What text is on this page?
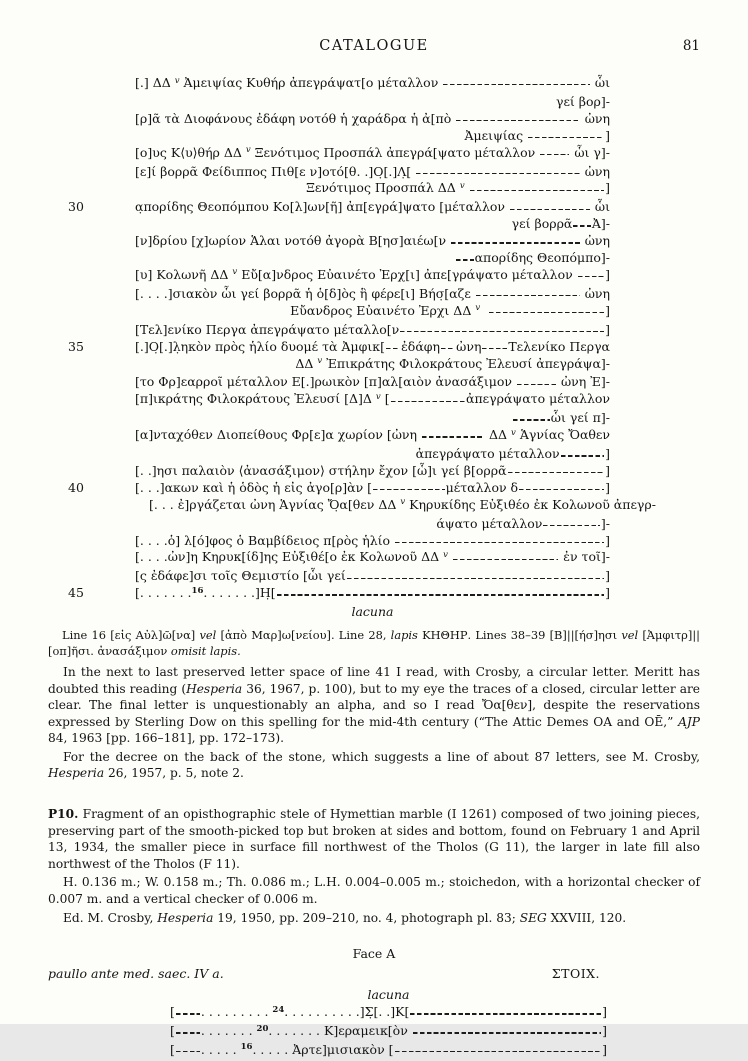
CATALOGUE	81
[.] ΔΔ v Ἀμειψίας Κυθήρ ἀπεγράψατ[ο μέταλλον	ὧι
γεί βορ]-
[ρ]ᾶ τὰ Διοφάνους ἐδάφη νοτόθ ἡ χαράδρα ἡ ἀ[πὸ	ὠνη
Ἀμειψίας	]
[ο]υς Κ⟨υ⟩θήρ ΔΔ v Ξενότιμος Προσπάλ ἀπεγρά[ψατο μέταλλον ὧι γ]-
[ε]ί βορρᾶ Φείδιππος Πιθ[ε ν]οτό[θ. .]Ο̣[.]Λ̣[	ὠνη
Ξενότιμος Προσπάλ ΔΔ v
	]
30	α̣πορίδης Θεοπόμπου Κο[λ]ων[ῆ] ἀπ[εγρά]ψατο [μέταλλον	ὧι
γεί βορρᾶ Ἀ]-
[ν]δρίου [χ]ωρίον Ἁλαι νοτόθ ἀγορὰ Β[ησ]αιέω[ν	ὠνη
απορίδης Θεοπόμπο]-
[υ] Κολωνῆ ΔΔ v Εὔ[α]νδρος Εὐαινέτο Ἐρχ[ι] ἀπε[γράψατο μέταλλον ]
[. . . .]σιακὸν ὧι γεί βορρᾶ ἡ ὁ[δ]ὸς ἣ φέρε[ι] Βήσ̣[αζε	ὠνη
Εὔανδρος Εὐαινέτο Ἐρχι ΔΔ v
	]
[Τελ]ενίκο Περγα ἀπεγράψατο μέταλλο[ν	]
35	[.]Ο̣[.]λ̣ηκὸν πρὸς ἡλίο δυομέ τὰ Ἀμφικ[ ἐδάφη ὠνη Τελενίκο Περγα
ΔΔ v Ἐπικράτης Φιλοκράτους Ἐλευσί ἀπεγράψα]-
[το Φρ]εαρροῖ μέταλλον Ε[.]ρωικὸν [π]αλ[αιὸν ἀνασάξιμον	ὠνη Ἐ]-
[π]ικράτης Φιλοκράτους Ἐλευσί [Δ]Δ v [	ἀπεγράψατο μέταλλον
ὧι γεί π]-
[α]νταχόθεν Διοπείθους Φρ[ε]α χωρίον [ὠνη	ΔΔ v Ἁγνίας Ὄαθεν
ἀπεγράψατο μέταλλον	]
[. .]ησι παλαιὸν ⟨ἀνασάξιμον⟩ στήλην ἔχον [ὧ]ι γεί β[ορρᾶ	]
40	[. . .]ακων καὶ ἡ ὁδὸς ἡ εἰς ἀγο[ρ]ὰν [	μέταλλον δ	]
[. . . ἐ]ργάζεται ὠνη Ἁγνίας Ὄ̣α[θεν ΔΔ v Κηρυκίδης Εὐξιθέο ἐκ Κολωνοῦ ἀπεγρ-
άψατο μέταλλον	]-
[. . . .ὁ] λ[ό]φος ὁ Βαμβίδειος π[ρὸς ἡλίο	]
[. . . .ὠν]η Κηρυκ[ίδ]ης Εὐξιθέ[ο ἐκ Κολωνοῦ ΔΔ v
	ἐν τοῖ]-
[ς ἐδάφε]σι τοῖς Θεμιστίο [ὧι γεί	]
45	[. . . . . . . 16 . . . . . . .]Η̣[	]
lacuna
Line 16 [εἰς Αὐλ]ῶ[να] vel [ἀπὸ Μαρ]ω[νείου]. Line 28, lapis ΚΗΘΗΡ. Lines 38–39 [Β]||[ήσ]ησι vel [Ἀμφιτρ]||[οπ]ῆσι. ἀνασάξιμον omisit lapis.

In the next to last preserved letter space of line 41 I read, with Crosby, a circular letter. Meritt has doubted this reading (Hesperia 36, 1967, p. 100), but to my eye the traces of a closed, circular letter are clear. The final letter is unquestionably an alpha, and so I read Ὄα[θεν], despite the reservations expressed by Sterling Dow on this spelling for the mid-4th century (“The Attic Demes OA and OĒ,” AJP 84, 1963 [pp. 166–181], pp. 172–173).

For the decree on the back of the stone, which suggests a line of about 87 letters, see M. Crosby, Hesperia 26, 1957, p. 5, note 2.

P10. Fragment of an opisthographic stele of Hymettian marble (I 1261) composed of two joining pieces, preserving part of the smooth-picked top but broken at sides and bottom, found on February 1 and April 13, 1934, the smaller piece in surface fill northwest of the Tholos (G 11), the larger in late fill also northwest of the Tholos (F 11).

H. 0.136 m.; W. 0.158 m.; Th. 0.086 m.; L.H. 0.004–0.005 m.; stoichedon, with a horizontal checker of 0.007 m. and a vertical checker of 0.006 m.

Ed. M. Crosby, Hesperia 19, 1950, pp. 209–210, no. 4, photograph pl. 83; SEG XXVIII, 120.

Face A
paullo ante med. saec. IV a.	ΣΤΟΙΧ.
lacuna
[ . . . . . . . . . 24 . . . . . . . . . .]Σ̣[. .]Κ[	]
[ . . . . . . . 20 . . . . . . . Κ]εραμεικ[ὸν	]
[ . . . . . 16 . . . . . Ἀρτε]μισιακὸν [	]
